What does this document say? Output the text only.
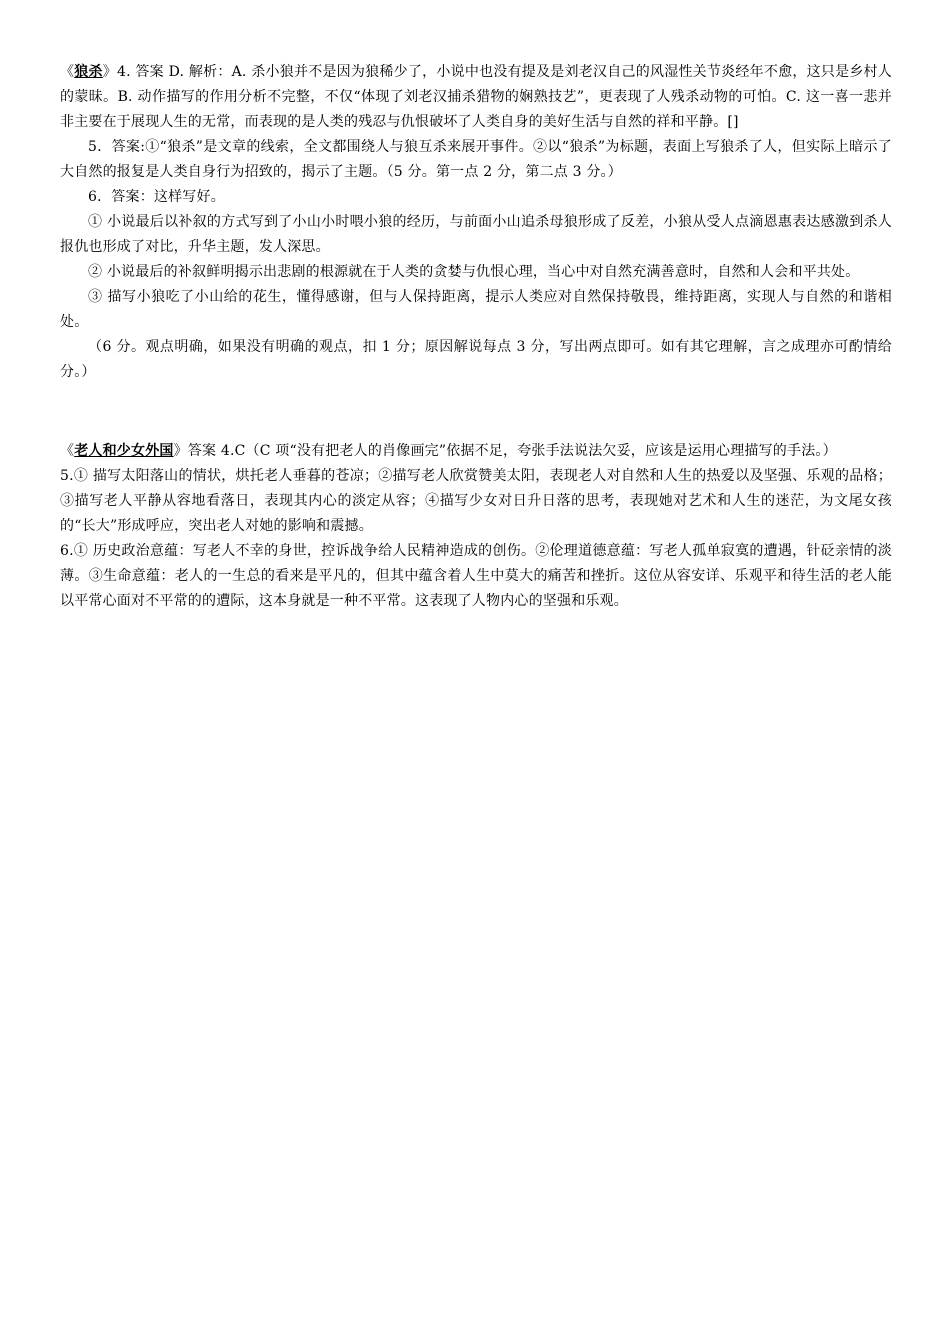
《狼杀》4. 答案 D. 解析：A. 杀小狼并不是因为狼稀少了，小说中也没有提及是刘老汉自己的风湿性关节炎经年不愈，这只是乡村人的蒙昧。B. 动作描写的作用分析不完整，不仅“体现了刘老汉捕杀猎物的娴熟技艺”，更表现了人残杀动物的可怕。C. 这一喜一悲并非主要在于展现人生的无常，而表现的是人类的残忍与仇恨破坏了人类自身的美好生活与自然的祥和平静。[]

5．答案:①“狼杀”是文章的线索，全文都围绕人与狼互杀来展开事件。②以“狼杀”为标题，表面上写狼杀了人，但实际上暗示了大自然的报复是人类自身行为招致的，揭示了主题。（5 分。第一点 2 分，第二点 3 分。）

6．答案：这样写好。

① 小说最后以补叙的方式写到了小山小时喂小狼的经历，与前面小山追杀母狼形成了反差，小狼从受人点滴恩惠表达感激到杀人报仇也形成了对比，升华主题，发人深思。

② 小说最后的补叙鲜明揭示出悲剧的根源就在于人类的贪婪与仇恨心理，当心中对自然充满善意时，自然和人会和平共处。

③ 描写小狼吃了小山给的花生，懂得感谢，但与人保持距离，提示人类应对自然保持敬畏，维持距离，实现人与自然的和谐相处。

（6 分。观点明确，如果没有明确的观点，扣 1 分；原因解说每点 3 分，写出两点即可。如有其它理解，言之成理亦可酌情给分。）

《老人和少女外国》答案 4.C（C 项“没有把老人的肖像画完”依据不足，夸张手法说法欠妥，应该是运用心理描写的手法。）

5.① 描写太阳落山的情状，烘托老人垂暮的苍凉；②描写老人欣赏赞美太阳，表现老人对自然和人生的热爱以及坚强、乐观的品格；③描写老人平静从容地看落日，表现其内心的淡定从容；④描写少女对日升日落的思考，表现她对艺术和人生的迷茫，为文尾女孩的“长大”形成呼应，突出老人对她的影响和震撼。

6.① 历史政治意蕴：写老人不幸的身世，控诉战争给人民精神造成的创伤。②伦理道德意蕴：写老人孤单寂寞的遭遇，针砭亲情的淡薄。③生命意蕴：老人的一生总的看来是平凡的，但其中蕴含着人生中莫大的痛苦和挫折。这位从容安详、乐观平和待生活的老人能以平常心面对不平常的的遭际，这本身就是一种不平常。这表现了人物内心的坚强和乐观。
